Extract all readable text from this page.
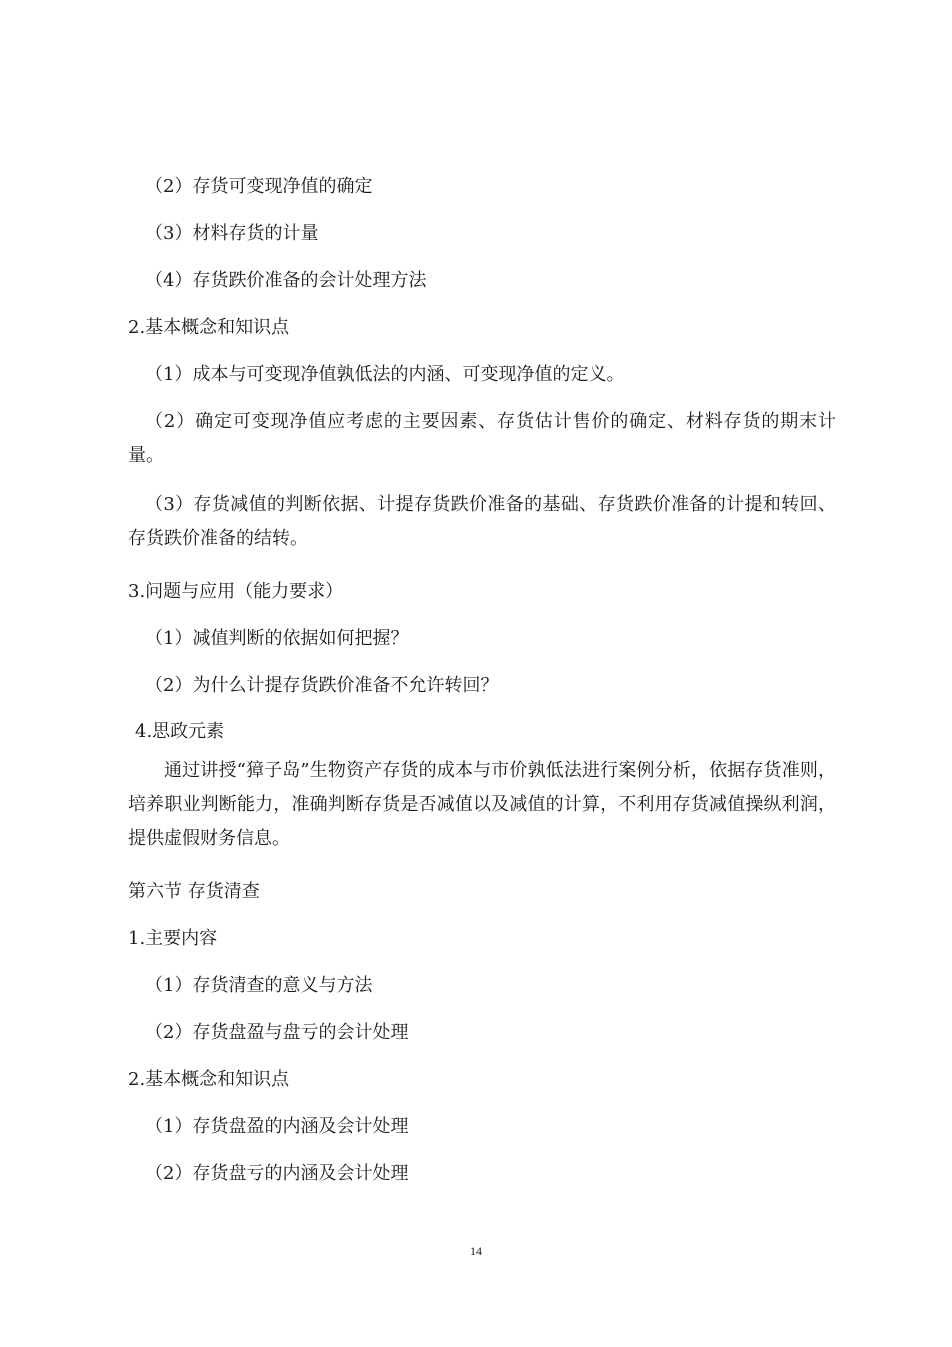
（2）存货可变现净值的确定
（3）材料存货的计量
（4）存货跌价准备的会计处理方法
2.基本概念和知识点
（1）成本与可变现净值孰低法的内涵、可变现净值的定义。
（2）确定可变现净值应考虑的主要因素、存货估计售价的确定、材料存货的期末计量。
（3）存货减值的判断依据、计提存货跌价准备的基础、存货跌价准备的计提和转回、存货跌价准备的结转。
3.问题与应用（能力要求）
（1）减值判断的依据如何把握？
（2）为什么计提存货跌价准备不允许转回？
4.思政元素
通过讲授“獐子岛”生物资产存货的成本与市价孰低法进行案例分析，依据存货准则，培养职业判断能力，准确判断存货是否减值以及减值的计算，不利用存货减值操纵利润，提供虚假财务信息。
第六节 存货清查
1.主要内容
（1）存货清查的意义与方法
（2）存货盘盈与盘亏的会计处理
2.基本概念和知识点
（1）存货盘盈的内涵及会计处理
（2）存货盘亏的内涵及会计处理
14
